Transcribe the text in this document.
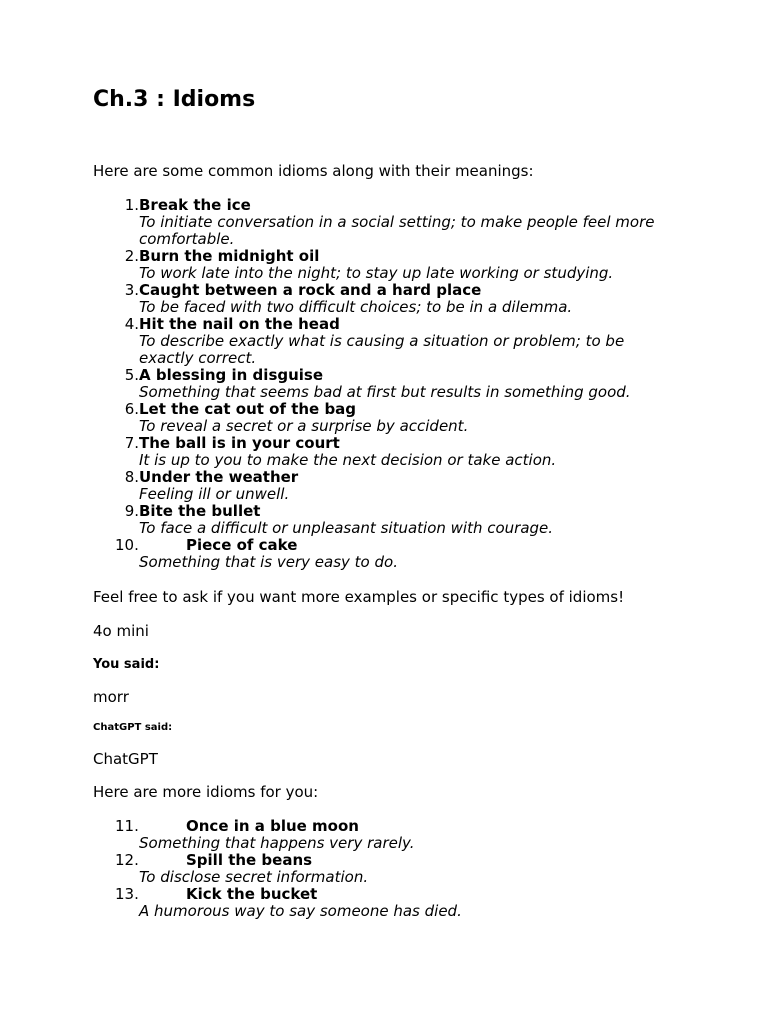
Ch.3 : Idioms

Here are some common idioms along with their meanings:

1. Break the ice
To initiate conversation in a social setting; to make people feel more comfortable.
2. Burn the midnight oil
To work late into the night; to stay up late working or studying.
3. Caught between a rock and a hard place
To be faced with two difficult choices; to be in a dilemma.
4. Hit the nail on the head
To describe exactly what is causing a situation or problem; to be exactly correct.
5. A blessing in disguise
Something that seems bad at first but results in something good.
6. Let the cat out of the bag
To reveal a secret or a surprise by accident.
7. The ball is in your court
It is up to you to make the next decision or take action.
8. Under the weather
Feeling ill or unwell.
9. Bite the bullet
To face a difficult or unpleasant situation with courage.
10.	Piece of cake
Something that is very easy to do.

Feel free to ask if you want more examples or specific types of idioms!

4o mini

You said:

morr

ChatGPT said:

ChatGPT

Here are more idioms for you:

11.	Once in a blue moon
Something that happens very rarely.
12.	Spill the beans
To disclose secret information.
13.	Kick the bucket
A humorous way to say someone has died.
